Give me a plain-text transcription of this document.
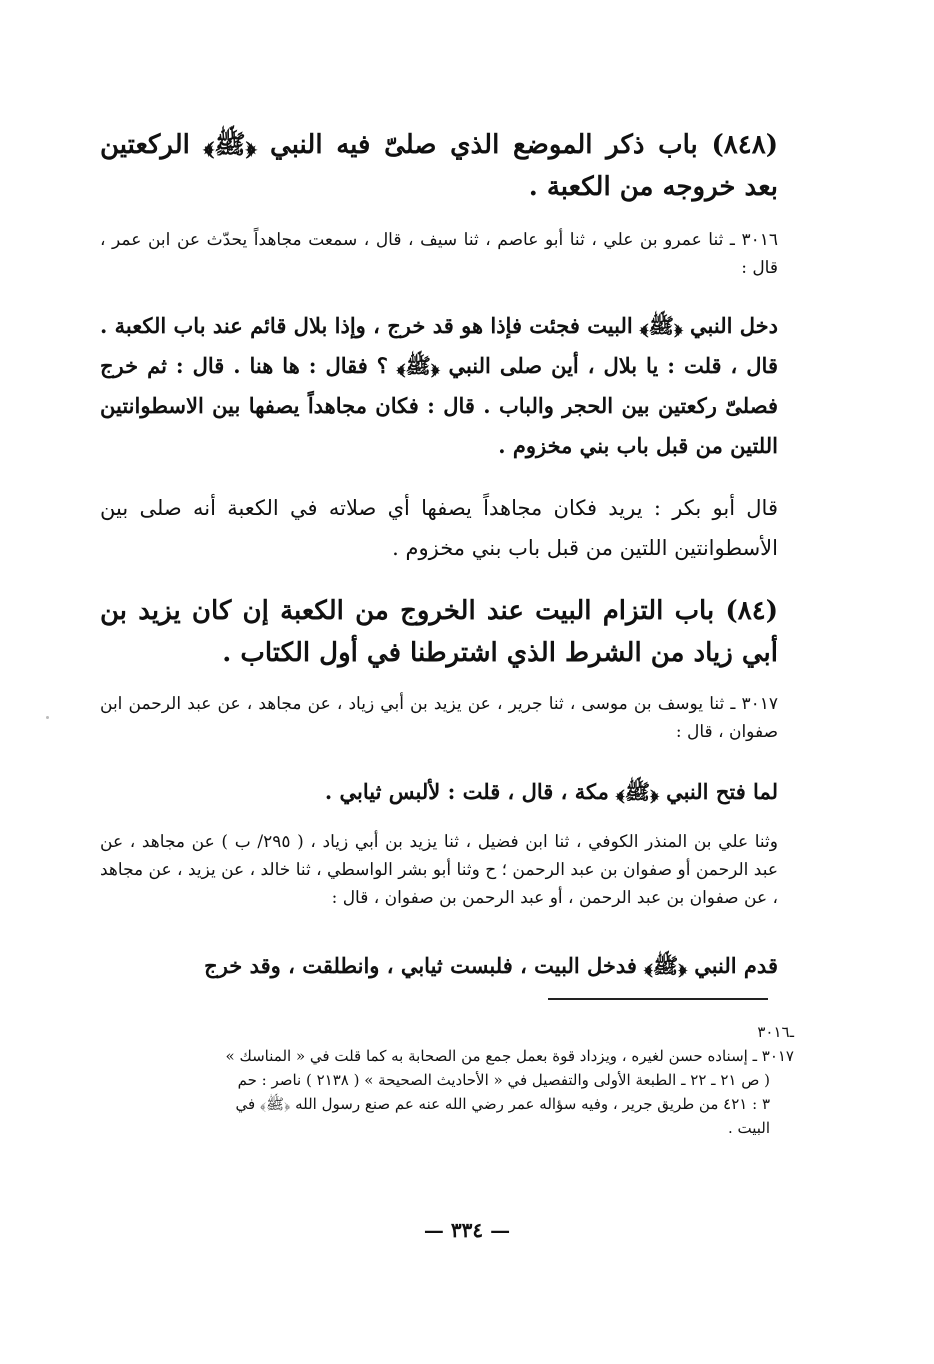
(٨٤٨) باب ذكر الموضع الذي صلىّ فيه النبي ﴿ﷺ﴾ الركعتين بعد خروجه من الكعبة .

٣٠١٦ ـ ثنا عمرو بن علي ، ثنا أبو عاصم ، ثنا سيف ، قال ، سمعت مجاهداً يحدّث عن ابن عمر ، قال :

دخل النبي ﴿ﷺ﴾ البيت فجئت فإذا هو قد خرج ، وإذا بلال قائم عند باب الكعبة . قال ، قلت : يا بلال ، أين صلى النبي ﴿ﷺ﴾ ؟ فقال : ها هنا . قال : ثم خرج فصلىّ ركعتين بين الحجر والباب . قال : فكان مجاهداً يصفها بين الاسطوانتين اللتين من قبل باب بني مخزوم .

قال أبو بكر : يريد فكان مجاهداً يصفها أي صلاته في الكعبة أنه صلى بين الأسطوانتين اللتين من قبل باب بني مخزوم .

(٨٤) باب التزام البيت عند الخروج من الكعبة إن كان يزيد بن أبي زياد من الشرط الذي اشترطنا في أول الكتاب .

٣٠١٧ ـ ثنا يوسف بن موسى ، ثنا جرير ، عن يزيد بن أبي زياد ، عن مجاهد ، عن عبد الرحمن ابن صفوان ، قال :

لما فتح النبي ﴿ﷺ﴾ مكة ، قال ، قلت : لألبس ثيابي .

وثنا علي بن المنذر الكوفي ، ثنا ابن فضيل ، ثنا يزيد بن أبي زياد ، ( ٢٩٥/ ب ) عن مجاهد ، عن عبد الرحمن أو صفوان بن عبد الرحمن ؛ ح وثنا أبو بشر الواسطي ، ثنا خالد ، عن يزيد ، عن مجاهد ، عن صفوان بن عبد الرحمن ، أو عبد الرحمن بن صفوان ، قال :

قدم النبي ﴿ﷺ﴾ فدخل البيت ، فلبست ثيابي ، وانطلقت ، وقد خرج

ـ٣٠١٦

٣٠١٧ ـ إسناده حسن لغيره ، ويزداد قوة بعمل جمع من الصحابة به كما قلت في « المناسك »

( ص ٢١ ـ ٢٢ ـ الطبعة الأولى والتفصيل في « الأحاديث الصحيحة » ( ٢١٣٨ ) ناصر : حم

٣ : ٤٢١ من طريق جرير ، وفيه سؤاله عمر رضي الله عنه عم صنع رسول الله ﴿ﷺ﴾ في

البيت .

— ٣٣٤ —
